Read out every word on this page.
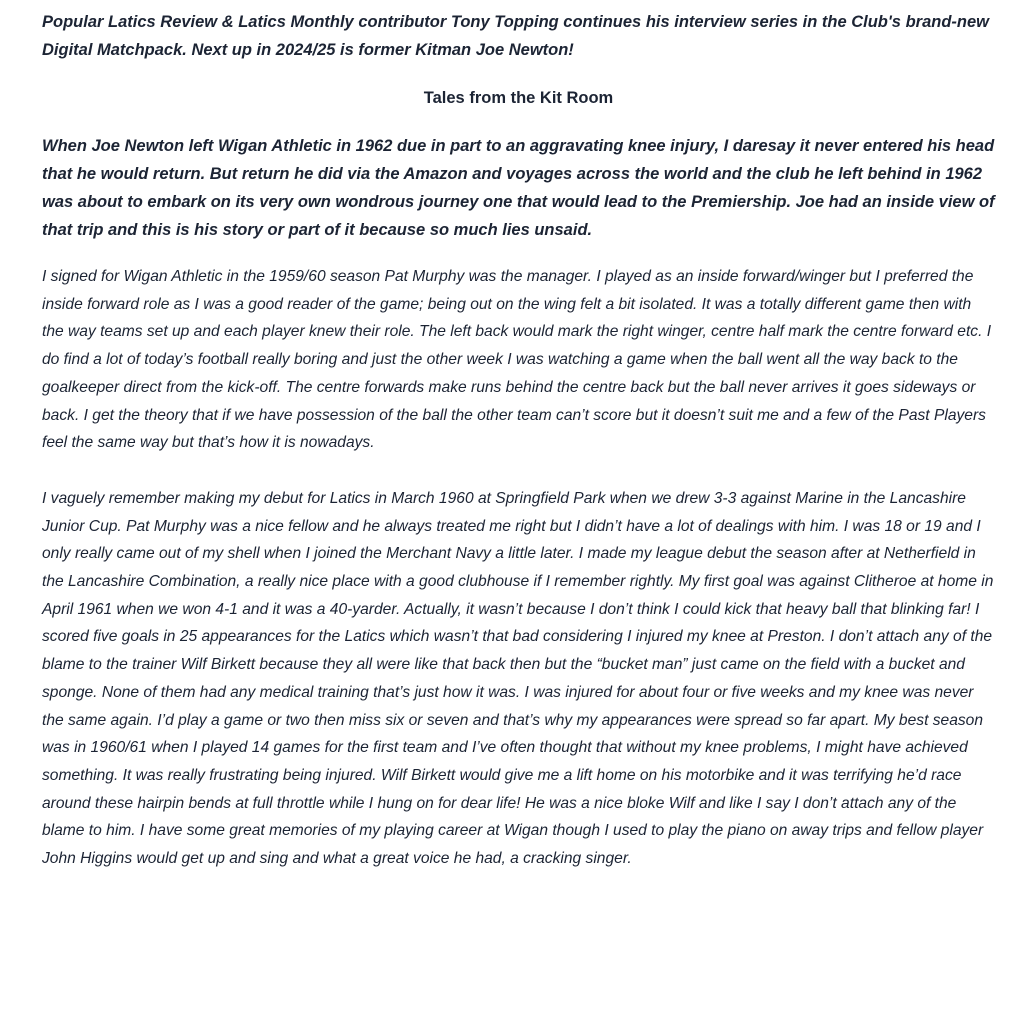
Popular Latics Review & Latics Monthly contributor Tony Topping continues his interview series in the Club's brand-new Digital Matchpack. Next up in 2024/25 is former Kitman Joe Newton!

Tales from the Kit Room

When Joe Newton left Wigan Athletic in 1962 due in part to an aggravating knee injury, I daresay it never entered his head that he would return. But return he did via the Amazon and voyages across the world and the club he left behind in 1962 was about to embark on its very own wondrous journey one that would lead to the Premiership. Joe had an inside view of that trip and this is his story or part of it because so much lies unsaid.

I signed for Wigan Athletic in the 1959/60 season Pat Murphy was the manager. I played as an inside forward/winger but I preferred the inside forward role as I was a good reader of the game; being out on the wing felt a bit isolated. It was a totally different game then with the way teams set up and each player knew their role. The left back would mark the right winger, centre half mark the centre forward etc. I do find a lot of today’s football really boring and just the other week I was watching a game when the ball went all the way back to the goalkeeper direct from the kick-off. The centre forwards make runs behind the centre back but the ball never arrives it goes sideways or back. I get the theory that if we have possession of the ball the other team can’t score but it doesn’t suit me and a few of the Past Players feel the same way but that’s how it is nowadays.

I vaguely remember making my debut for Latics in March 1960 at Springfield Park when we drew 3-3 against Marine in the Lancashire Junior Cup. Pat Murphy was a nice fellow and he always treated me right but I didn’t have a lot of dealings with him. I was 18 or 19 and I only really came out of my shell when I joined the Merchant Navy a little later. I made my league debut the season after at Netherfield in the Lancashire Combination, a really nice place with a good clubhouse if I remember rightly. My first goal was against Clitheroe at home in April 1961 when we won 4-1 and it was a 40-yarder. Actually, it wasn’t because I don’t think I could kick that heavy ball that blinking far! I scored five goals in 25 appearances for the Latics which wasn’t that bad considering I injured my knee at Preston. I don’t attach any of the blame to the trainer Wilf Birkett because they all were like that back then but the “bucket man” just came on the field with a bucket and sponge. None of them had any medical training that’s just how it was. I was injured for about four or five weeks and my knee was never the same again. I’d play a game or two then miss six or seven and that’s why my appearances were spread so far apart. My best season was in 1960/61 when I played 14 games for the first team and I’ve often thought that without my knee problems, I might have achieved something. It was really frustrating being injured. Wilf Birkett would give me a lift home on his motorbike and it was terrifying he’d race around these hairpin bends at full throttle while I hung on for dear life! He was a nice bloke Wilf and like I say I don’t attach any of the blame to him. I have some great memories of my playing career at Wigan though I used to play the piano on away trips and fellow player John Higgins would get up and sing and what a great voice he had, a cracking singer.
